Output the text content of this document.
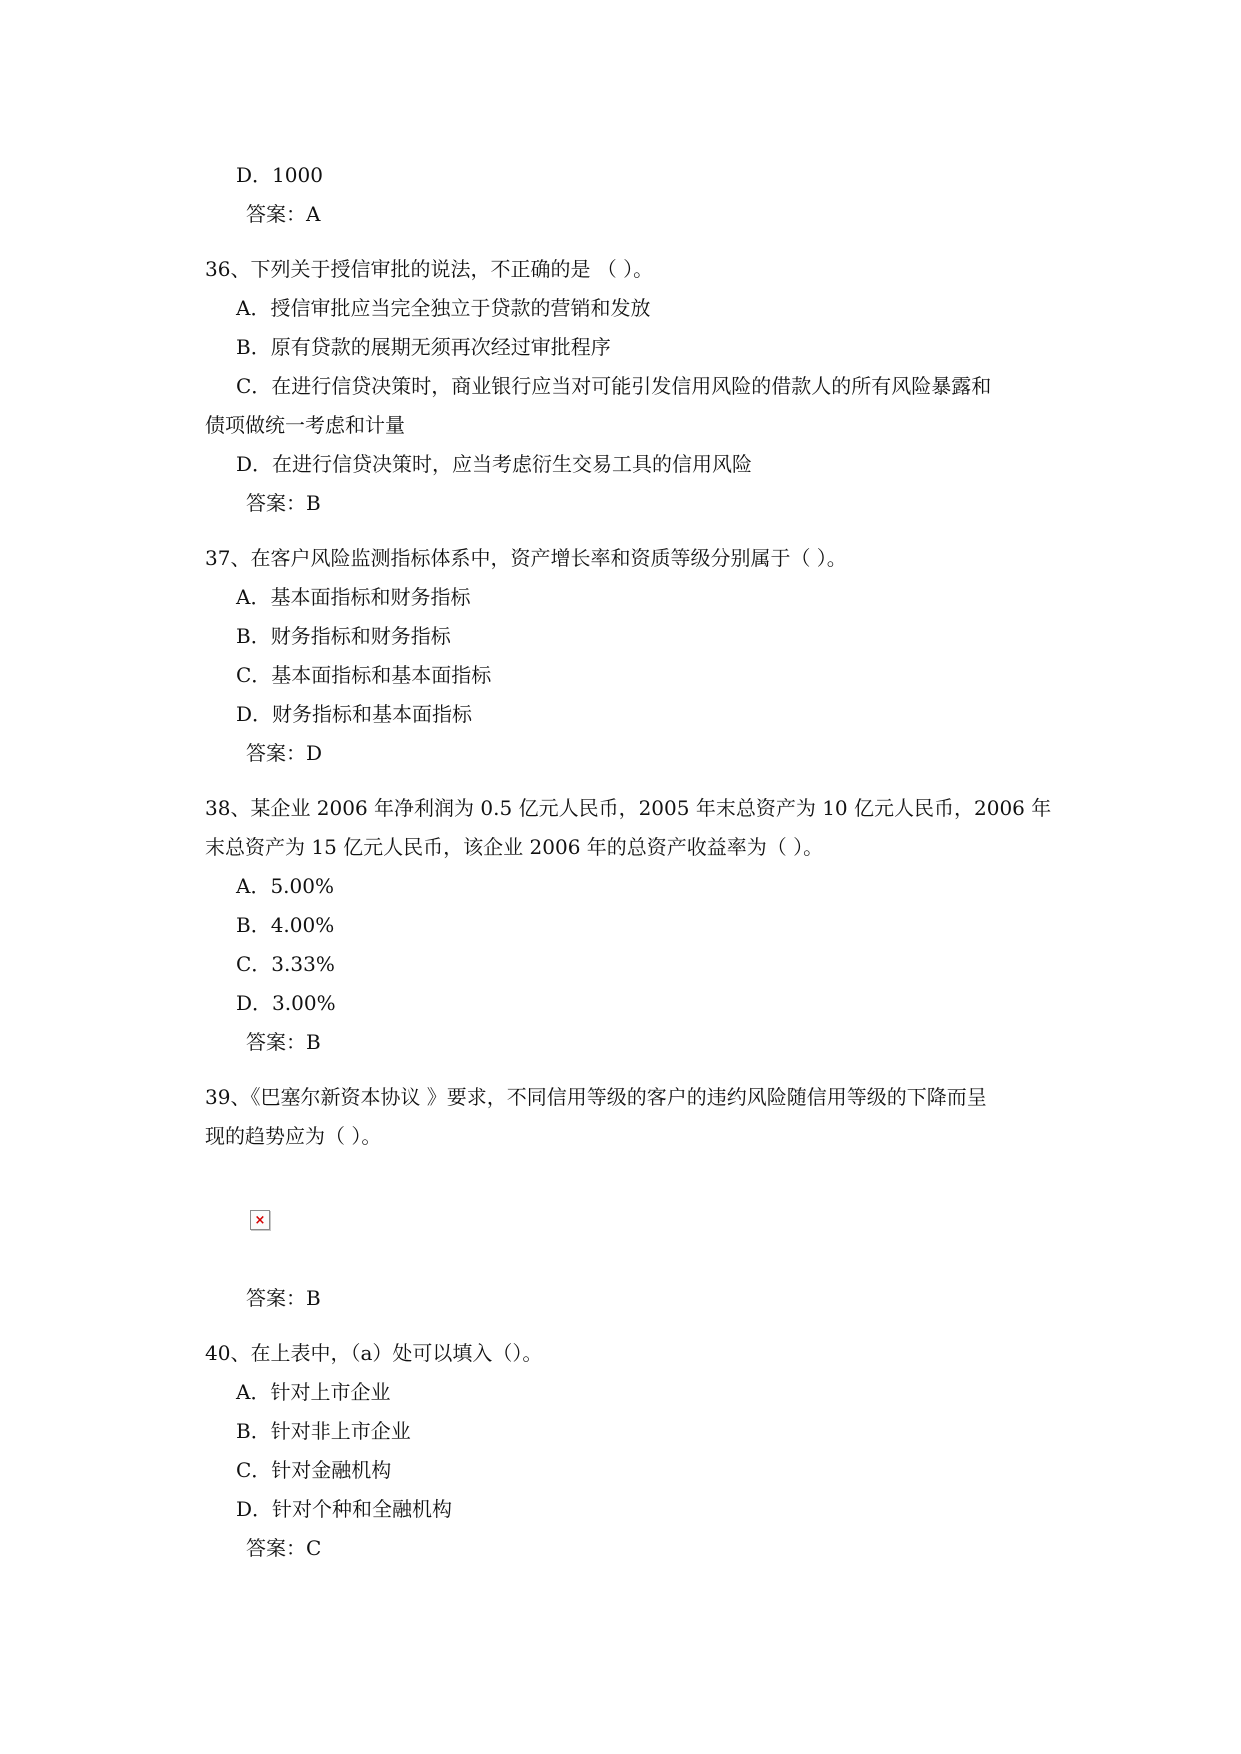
D．1000
答案：A
36、下列关于授信审批的说法，不正确的是 （ ）。
A．授信审批应当完全独立于贷款的营销和发放
B．原有贷款的展期无须再次经过审批程序
C．在进行信贷决策时，商业银行应当对可能引发信用风险的借款人的所有风险暴露和
债项做统一考虑和计量
D．在进行信贷决策时，应当考虑衍生交易工具的信用风险
答案：B
37、在客户风险监测指标体系中，资产增长率和资质等级分别属于（ ）。
A．基本面指标和财务指标
B．财务指标和财务指标
C．基本面指标和基本面指标
D．财务指标和基本面指标
答案：D
38、某企业 2006 年净利润为 0.5 亿元人民币，2005 年末总资产为 10 亿元人民币，2006 年
末总资产为 15 亿元人民币，该企业 2006 年的总资产收益率为（ ）。
A．5.00%
B．4.00%
C．3.33%
D．3.00%
答案：B
39、《巴塞尔新资本协议 》要求，不同信用等级的客户的违约风险随信用等级的下降而呈
现的趋势应为（ ）。
×
答案：B
40、在上表中，（a）处可以填入（）。
A．针对上市企业
B．针对非上市企业
C．针对金融机构
D．针对个种和全融机构
答案：C
